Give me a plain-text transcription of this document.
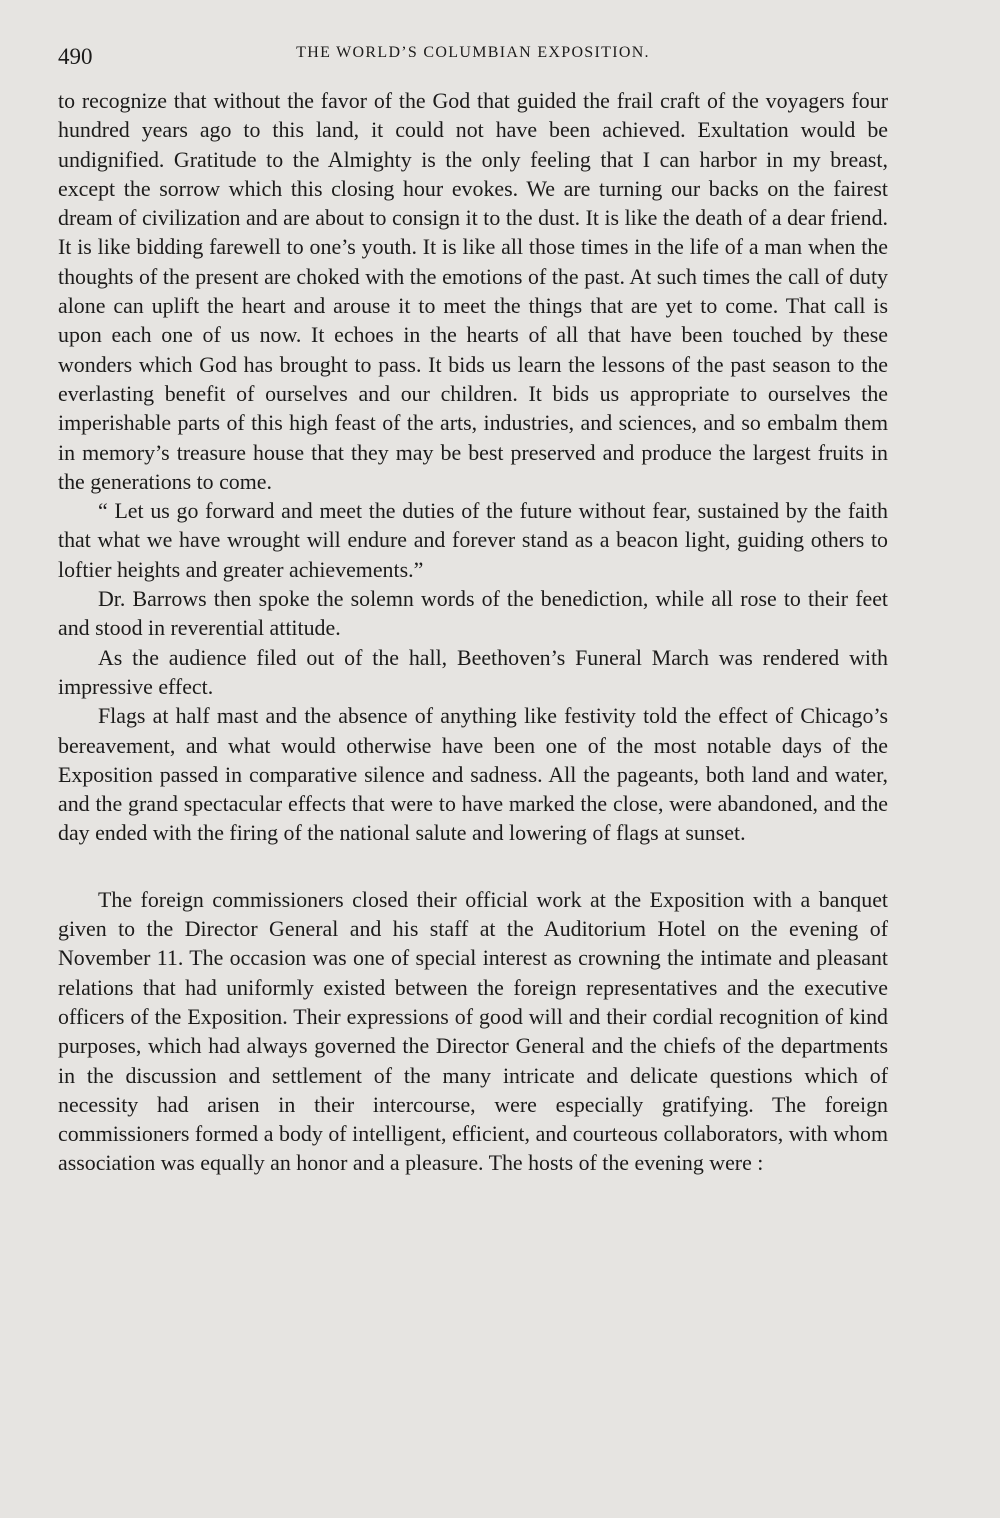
490	THE WORLD’S COLUMBIAN EXPOSITION.

to recognize that without the favor of the God that guided the frail craft of the voyagers four hundred years ago to this land, it could not have been achieved. Exultation would be undignified. Gratitude to the Almighty is the only feeling that I can harbor in my breast, except the sorrow which this closing hour evokes. We are turning our backs on the fairest dream of civilization and are about to consign it to the dust. It is like the death of a dear friend. It is like bidding farewell to one’s youth. It is like all those times in the life of a man when the thoughts of the present are choked with the emotions of the past. At such times the call of duty alone can uplift the heart and arouse it to meet the things that are yet to come. That call is upon each one of us now. It echoes in the hearts of all that have been touched by these wonders which God has brought to pass. It bids us learn the lessons of the past season to the everlasting benefit of ourselves and our children. It bids us appropriate to ourselves the imperishable parts of this high feast of the arts, industries, and sciences, and so embalm them in memory’s treasure house that they may be best preserved and produce the largest fruits in the generations to come.

“ Let us go forward and meet the duties of the future without fear, sustained by the faith that what we have wrought will endure and forever stand as a beacon light, guiding others to loftier heights and greater achievements.”

Dr. Barrows then spoke the solemn words of the benediction, while all rose to their feet and stood in reverential attitude.

As the audience filed out of the hall, Beethoven’s Funeral March was rendered with impressive effect.

Flags at half mast and the absence of anything like festivity told the effect of Chicago’s bereavement, and what would otherwise have been one of the most notable days of the Exposition passed in comparative silence and sadness. All the pageants, both land and water, and the grand spectacular effects that were to have marked the close, were abandoned, and the day ended with the firing of the national salute and lowering of flags at sunset.

The foreign commissioners closed their official work at the Exposition with a banquet given to the Director General and his staff at the Auditorium Hotel on the evening of November 11. The occasion was one of special interest as crowning the intimate and pleasant relations that had uniformly existed between the foreign representatives and the executive officers of the Exposition. Their expressions of good will and their cordial recognition of kind purposes, which had always governed the Director General and the chiefs of the departments in the discussion and settlement of the many intricate and delicate questions which of necessity had arisen in their intercourse, were especially gratifying. The foreign commissioners formed a body of intelligent, efficient, and courteous collaborators, with whom association was equally an honor and a pleasure. The hosts of the evening were :
